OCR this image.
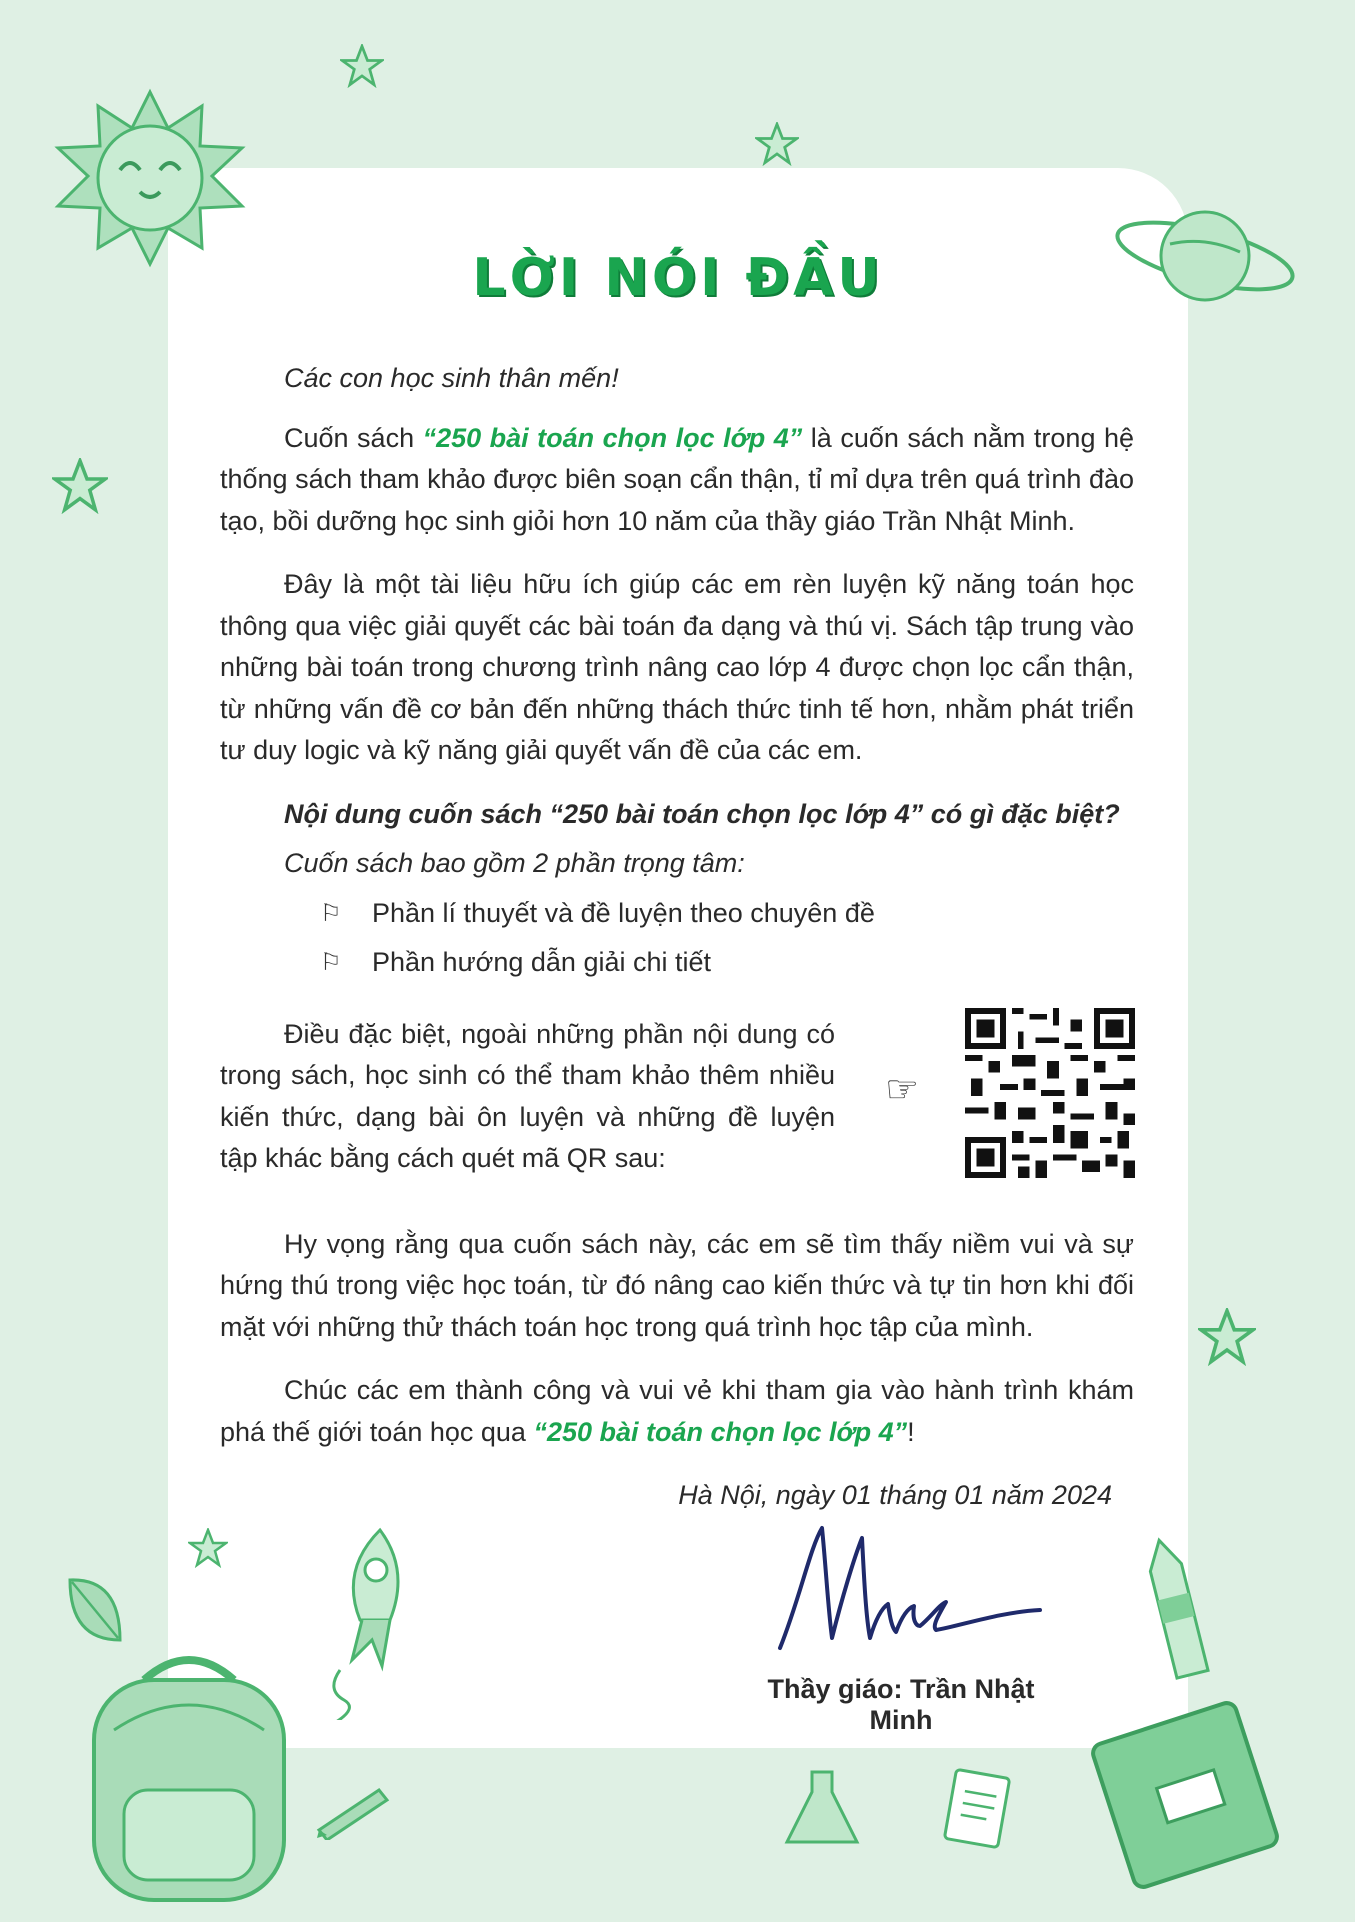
LỜI NÓI ĐẦU

Các con học sinh thân mến!

Cuốn sách “250 bài toán chọn lọc lớp 4” là cuốn sách nằm trong hệ thống sách tham khảo được biên soạn cẩn thận, tỉ mỉ dựa trên quá trình đào tạo, bồi dưỡng học sinh giỏi hơn 10 năm của thầy giáo Trần Nhật Minh.

Đây là một tài liệu hữu ích giúp các em rèn luyện kỹ năng toán học thông qua việc giải quyết các bài toán đa dạng và thú vị. Sách tập trung vào những bài toán trong chương trình nâng cao lớp 4 được chọn lọc cẩn thận, từ những vấn đề cơ bản đến những thách thức tinh tế hơn, nhằm phát triển tư duy logic và kỹ năng giải quyết vấn đề của các em.

Nội dung cuốn sách “250 bài toán chọn lọc lớp 4” có gì đặc biệt?

Cuốn sách bao gồm 2 phần trọng tâm:

⚐ Phần lí thuyết và đề luyện theo chuyên đề
⚐ Phần hướng dẫn giải chi tiết

Điều đặc biệt, ngoài những phần nội dung có trong sách, học sinh có thể tham khảo thêm nhiều kiến thức, dạng bài ôn luyện và những đề luyện tập khác bằng cách quét mã QR sau:

☞

Hy vọng rằng qua cuốn sách này, các em sẽ tìm thấy niềm vui và sự hứng thú trong việc học toán, từ đó nâng cao kiến thức và tự tin hơn khi đối mặt với những thử thách toán học trong quá trình học tập của mình.

Chúc các em thành công và vui vẻ khi tham gia vào hành trình khám phá thế giới toán học qua “250 bài toán chọn lọc lớp 4”!

Hà Nội, ngày 01 tháng 01 năm 2024

Thầy giáo: Trần Nhật Minh
